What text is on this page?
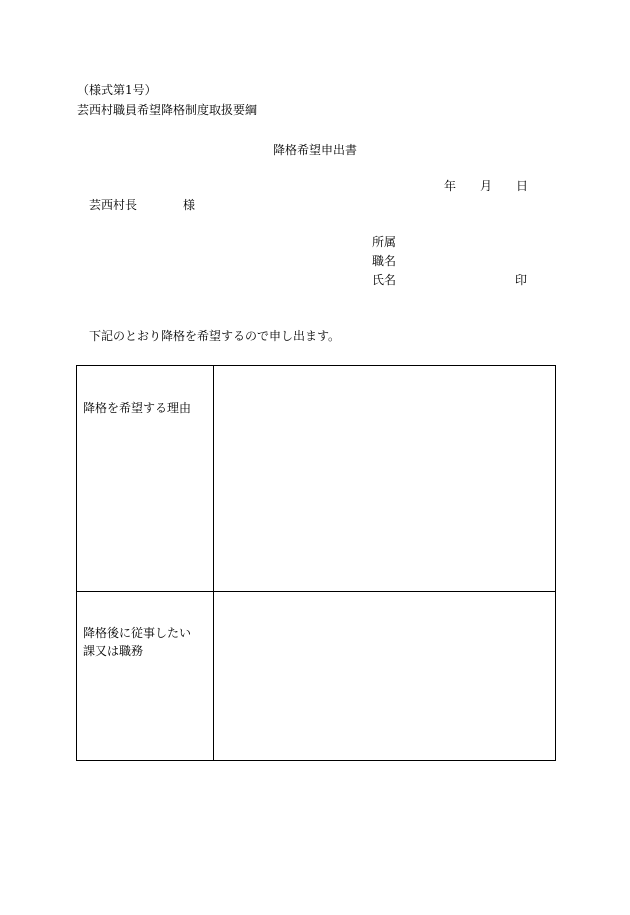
（様式第1号）
芸西村職員希望降格制度取扱要綱
降格希望申出書
年 月 日
芸西村長	様
所属
職名
氏名	印
下記のとおり降格を希望するので申し出ます。
降格を希望する理由	
降格後に従事したい
課又は職務	
